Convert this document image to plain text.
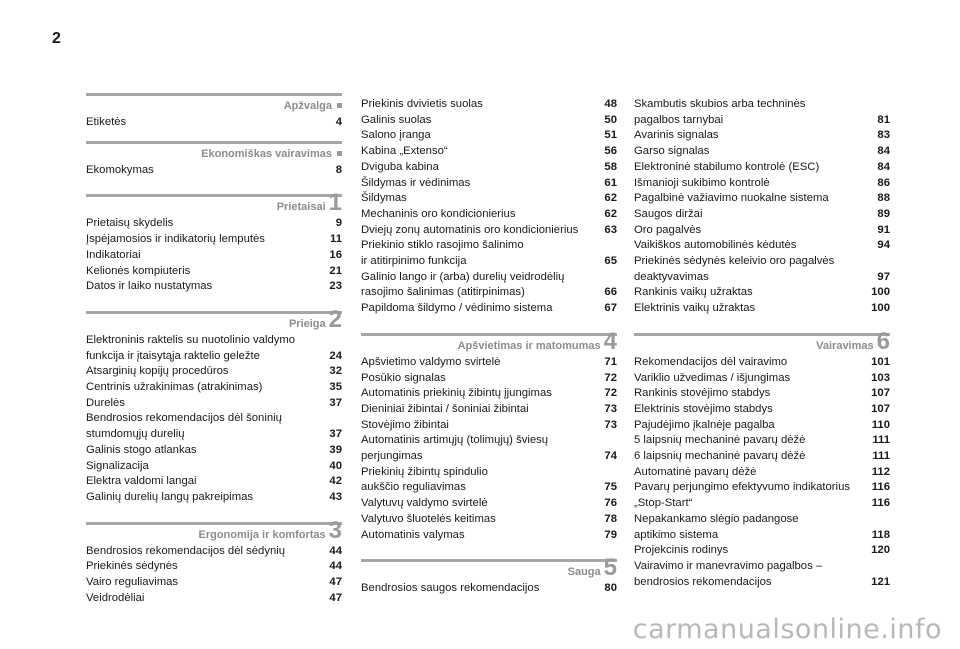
2
Apžvalga
Etiketės	4
Ekonomiškas vairavimas
Ekomokymas	8
Prietaisai 1
Prietaisų skydelis	9
Įspėjamosios ir indikatorių lemputės	11
Indikatoriai	16
Kelionės kompiuteris	21
Datos ir laiko nustatymas	23
Prieiga 2
Elektroninis raktelis su nuotolinio valdymo
funkcija ir įtaisytąja raktelio geležte	24
Atsarginių kopijų procedūros	32
Centrinis užrakinimas (atrakinimas)	35
Durelės	37
Bendrosios rekomendacijos dėl šoninių
stumdomųjų durelių	37
Galinis stogo atlankas	39
Signalizacija	40
Elektra valdomi langai	42
Galinių durelių langų pakreipimas	43
Ergonomija ir komfortas 3
Bendrosios rekomendacijos dėl sėdynių	44
Priekinės sėdynės	44
Vairo reguliavimas	47
Veidrodėliai	47
Priekinis dvivietis suolas	48
Galinis suolas	50
Salono įranga	51
Kabina „Extenso“	56
Dviguba kabina	58
Šildymas ir vėdinimas	61
Šildymas	62
Mechaninis oro kondicionierius	62
Dviejų zonų automatinis oro kondicionierius	63
Priekinio stiklo rasojimo šalinimo
ir atitirpinimo funkcija	65
Galinio lango ir (arba) durelių veidrodėlių
rasojimo šalinimas (atitirpinimas)	66
Papildoma šildymo / vėdinimo sistema	67
Apšvietimas ir matomumas 4
Apšvietimo valdymo svirtelė	71
Posūkio signalas	72
Automatinis priekinių žibintų įjungimas	72
Dieniniai žibintai / šoniniai žibintai	73
Stovėjimo žibintai	73
Automatinis artimųjų (tolimųjų) šviesų
perjungimas	74
Priekinių žibintų spindulio
aukščio reguliavimas	75
Valytuvų valdymo svirtelė	76
Valytuvo šluotelės keitimas	78
Automatinis valymas	79
Sauga 5
Bendrosios saugos rekomendacijos	80
Skambutis skubios arba techninės
pagalbos tarnybai	81
Avarinis signalas	83
Garso signalas	84
Elektroninė stabilumo kontrolė (ESC)	84
Išmanioji sukibimo kontrolė	86
Pagalbinė važiavimo nuokalne sistema	88
Saugos diržai	89
Oro pagalvės	91
Vaikiškos automobilinės kėdutės	94
Priekinės sėdynės keleivio oro pagalvės
deaktyvavimas	97
Rankinis vaikų užraktas	100
Elektrinis vaikų užraktas	100
Vairavimas 6
Rekomendacijos dėl vairavimo	101
Variklio užvedimas / išjungimas	103
Rankinis stovėjimo stabdys	107
Elektrinis stovėjimo stabdys	107
Pajudėjimo įkalnėje pagalba	110
5 laipsnių mechaninė pavarų dėžė	111
6 laipsnių mechaninė pavarų dėžė	111
Automatinė pavarų dėžė	112
Pavarų perjungimo efektyvumo indikatorius	116
„Stop-Start“	116
Nepakankamo slėgio padangose
aptikimo sistema	118
Projekcinis rodinys	120
Vairavimo ir manevravimo pagalbos –
bendrosios rekomendacijos	121
carmanualsonline.info
